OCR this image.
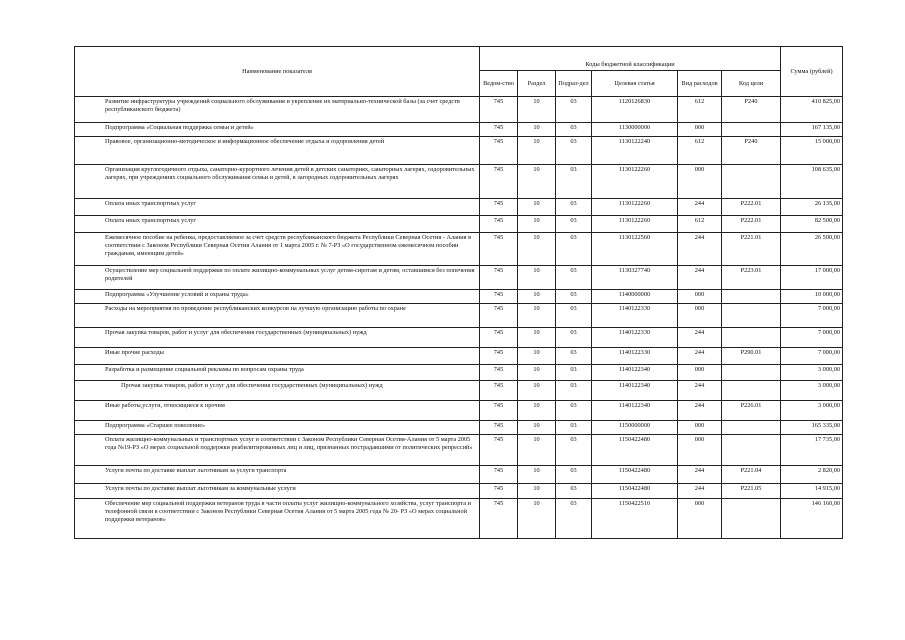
Наименование показателя	Коды бюджетной классификации						Сумма (рублей)
	Ведом-ство	Раздел	Подраз-дел	Целевая статья	Вид расходов	Код цели	
Развитие инфраструктуры учреждений социального обслуживания и укрепление их материально-технической базы (за счет средств республиканского бюджета)	745	10	03	1120126830	612	P240	410 825,00
Подпрограмма «Социальная поддержка семьи и детей»	745	10	03	1130000000	000		167 135,00
Правовое, организационно-методическое и информационное обеспечение отдыха и оздоровления детей	745	10	03	1130122240	612	P240	15 000,00
Организация круглогодичного отдыха, санаторно-курортного лечения детей в детских санаториях, санаторных лагерях, оздоровительных лагерях, при учреждениях социального обслуживания семьи и детей, в загородных оздоровительных лагерях	745	10	03	1130122260	000		108 635,00
Оплата иных транспортных услуг	745	10	03	1130122260	244	P222.01	26 135,00
Оплата иных транспортных услуг	745	10	03	1130122260	612	P222.01	82 500,00
Ежемесячное пособие на ребенка, предоставляемое за счет средств республиканского бюджета Республики Северная Осетия - Алания в соответствии с Законом Республики Северная Осетия Алания от 1 марта 2005 г. № 7-РЗ «О государственном ежемесячном пособии гражданам, имеющим детей»	745	10	03	1130122560	244	P221.01	26 500,00
Осуществление мер социальной поддержки по оплате жилищно-коммунальных услуг детям-сиротам и детям, оставшимся без попечения родителей	745	10	03	1130327740	244	P223.01	17 000,00
Подпрограмма «Улучшение условий и охраны труда»	745	10	03	1140000000	000		10 000,00
Расходы на мероприятия по проведение республиканских конкурсов на лучшую организацию работы по охране	745	10	03	1140122330	000		7 000,00
Прочая закупка товаров, работ и услуг для обеспечения государственных (муниципальных) нужд	745	10	03	1140122330	244		7 000,00
Иные прочие расходы	745	10	03	1140122330	244	P290.01	7 000,00
Разработка и размещение социальной рекламы по вопросам охраны труда	745	10	03	1140122340	000		3 000,00
Прочая закупка товаров, работ и услуг для обеспечения государственных (муниципальных) нужд	745	10	03	1140122340	244		3 000,00
Иные работы,услуги, относящиеся к прочим	745	10	03	1140122340	244	P226.01	3 000,00
Подпрограмма «Старшее поколение»	745	10	03	1150000000	000		165 335,00
Оплата жилищно-коммунальных и транспортных услуг в соответствии с Законом Республики Северная Осетия-Алания от 5 марта 2005 года №19-РЗ «О мерах социальной поддержки реабилитированных лиц и лиц, признанных пострадавшими от политических репрессий»	745	10	03	1150422480	000		17 735,00
Услуги почты по доставке выплат льготникам за услуги транспорта	745	10	03	1150422480	244	P221.04	2 820,00
Услуги почты по доставке выплат льготникам за коммунальные услуги	745	10	03	1150422480	244	P221.05	14 915,00
Обеспечение мер социальной поддержки ветеранов труда в части оплаты услуг жилищно-коммунального хозяйства, услуг транспорта и телефонной связи в соответствии с Законом Республики Северная Осетия Алания от 5 марта 2005 года № 20- РЗ «О мерах социальной поддержки ветеранов»	745	10	03	1150422510	000		146 160,00
